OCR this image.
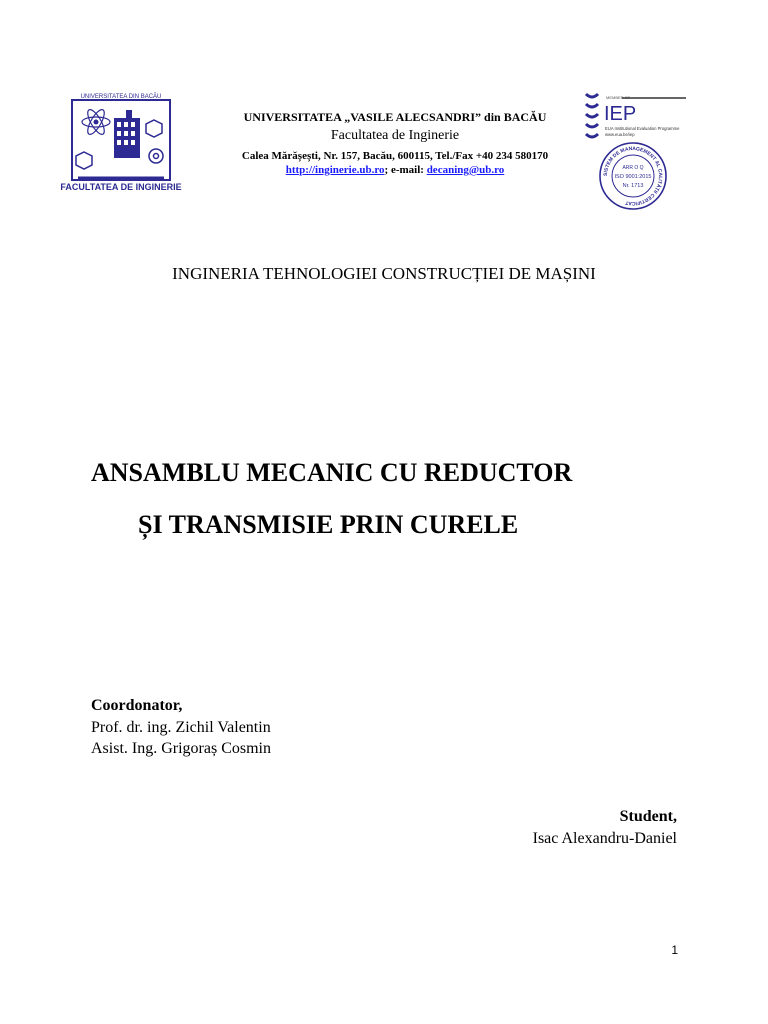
UNIVERSITATEA DIN BACĂU
FACULTATEA DE INGINERIE
UNIVERSITATEA „VASILE ALECSANDRI” din BACĂU
Facultatea de Inginerie
Calea Mărășești, Nr. 157, Bacău, 600115, Tel./Fax +40 234 580170
http://inginerie.ub.ro; e-mail: decaning@ub.ro
MEMBER OF
IEP
EUA Institutional Evaluation Programme
www.eua.be/iep
SISTEM DE MANAGEMENT AL CALITĂȚII CERTIFICAT
ARR O Q
ISO 9001:2015
Nr. 1713
INGINERIA TEHNOLOGIEI CONSTRUCȚIEI DE MAȘINI
ANSAMBLU MECANIC CU REDUCTOR
ȘI TRANSMISIE PRIN CURELE
Coordonator,
Prof. dr. ing. Zichil Valentin
Asist. Ing. Grigoraș Cosmin
Student,
Isac Alexandru-Daniel
1
